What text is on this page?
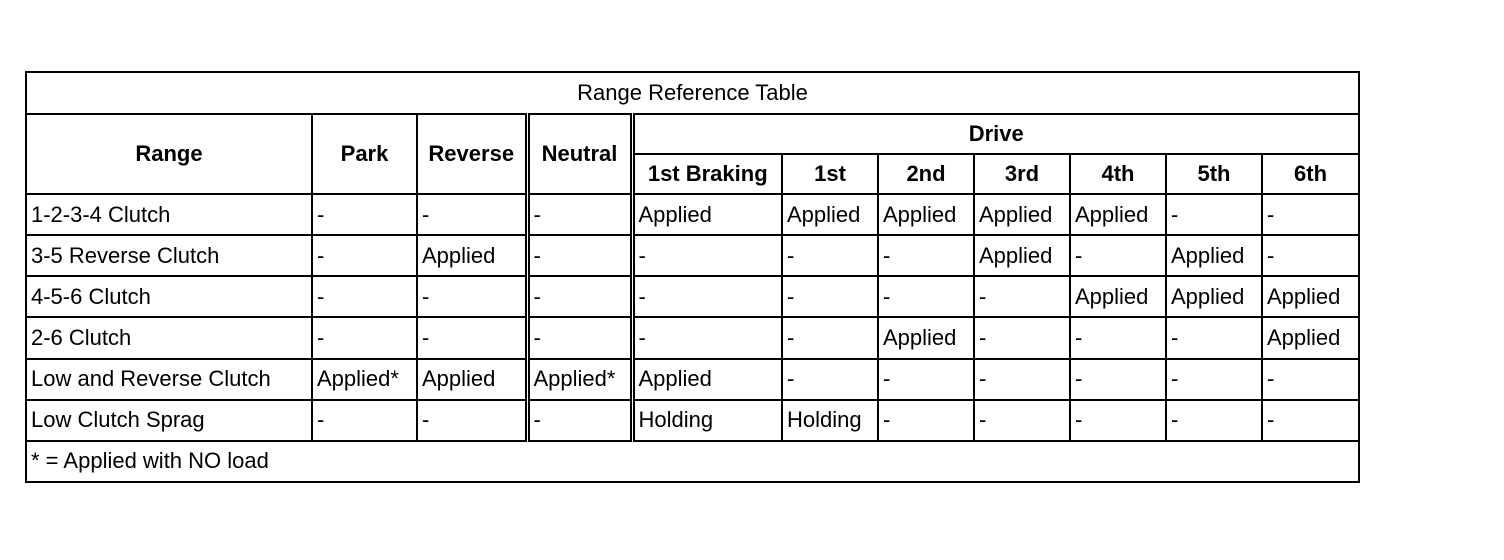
Range Reference Table										
Range	Park	Reverse	Neutral	Drive						
				1st Braking	1st	2nd	3rd	4th	5th	6th
1-2-3-4 Clutch	-	-	-	Applied	Applied	Applied	Applied	Applied	-	-
3-5 Reverse Clutch	-	Applied	-	-	-	-	Applied	-	Applied	-
4-5-6 Clutch	-	-	-	-	-	-	-	Applied	Applied	Applied
2-6 Clutch	-	-	-	-	-	Applied	-	-	-	Applied
Low and Reverse Clutch	Applied*	Applied	Applied*	Applied	-	-	-	-	-	-
Low Clutch Sprag	-	-	-	Holding	Holding	-	-	-	-	-
* = Applied with NO load										
